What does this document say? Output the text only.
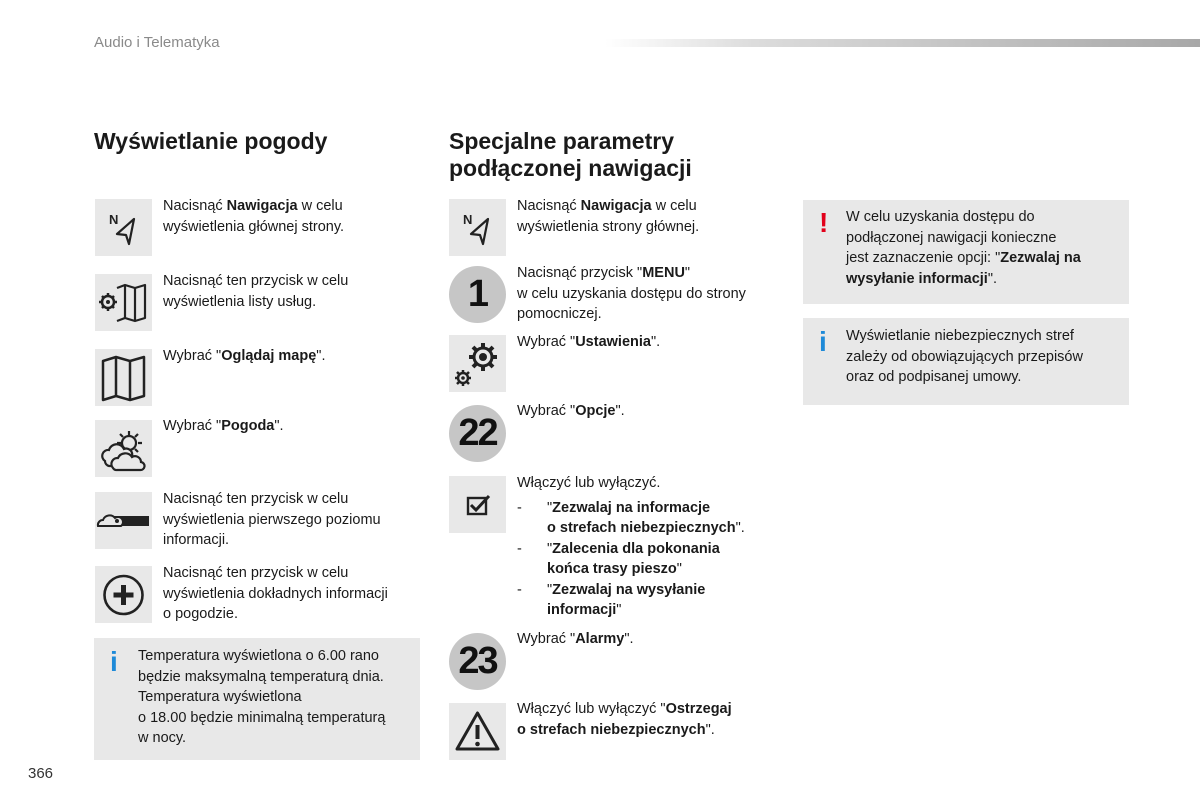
Audio i Telematyka
Wyświetlanie pogody
N
Nacisnąć Nawigacja w celu
wyświetlenia głównej strony.
Nacisnąć ten przycisk w celu
wyświetlenia listy usług.
Wybrać "Oglądaj mapę".
Wybrać "Pogoda".
Nacisnąć ten przycisk w celu
wyświetlenia pierwszego poziomu
informacji.
Nacisnąć ten przycisk w celu
wyświetlenia dokładnych informacji
o pogodzie.
i Temperatura wyświetlona o 6.00 rano
będzie maksymalną temperaturą dnia.
Temperatura wyświetlona
o 18.00 będzie minimalną temperaturą
w nocy.
366
Specjalne parametry
podłączonej nawigacji
N
Nacisnąć Nawigacja w celu
wyświetlenia strony głównej.
1	Nacisnąć przycisk "MENU"
w celu uzyskania dostępu do strony
pomocniczej.
Wybrać "Ustawienia".
22
Wybrać "Opcje".
Włączyć lub wyłączyć.
- "Zezwalaj na informacje
o strefach niebezpiecznych".
- "Zalecenia dla pokonania
końca trasy pieszo"
- "Zezwalaj na wysyłanie
informacji"
23
Wybrać "Alarmy".
Włączyć lub wyłączyć "Ostrzegaj
o strefach niebezpiecznych".
! W celu uzyskania dostępu do
podłączonej nawigacji konieczne
jest zaznaczenie opcji: "Zezwalaj na
wysyłanie informacji".
i Wyświetlanie niebezpiecznych stref
zależy od obowiązujących przepisów
oraz od podpisanej umowy.
